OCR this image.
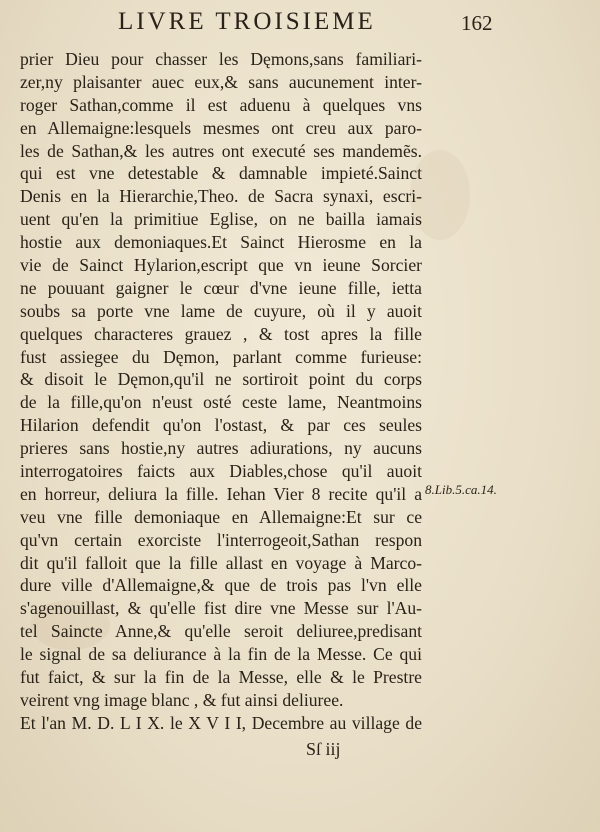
LIVRE TROISIEME	162
prier Dieu pour chasser les Dęmons,sans familiari-
zer,ny plaisanter auec eux,& sans aucunement inter-
roger Sathan,comme il est aduenu à quelques vns
en Allemaigne:lesquels mesmes ont creu aux paro-
les de Sathan,& les autres ont executé ses mandemẽs.
qui est vne detestable & damnable impieté.Sainct
Denis en la Hierarchie,Theo. de Sacra synaxi, escri-
uent qu'en la primitiue Eglise, on ne bailla iamais
hostie aux demoniaques.Et Sainct Hierosme en la
vie de Sainct Hylarion,escript que vn ieune Sorcier
ne pouuant gaigner le cœur d'vne ieune fille, ietta
soubs sa porte vne lame de cuyure, où il y auoit
quelques characteres grauez , & tost apres la fille
fust assiegee du Dęmon, parlant comme furieuse:
& disoit le Dęmon,qu'il ne sortiroit point du corps
de la fille,qu'on n'eust osté ceste lame, Neantmoins
Hilarion defendit qu'on l'ostast, & par ces seules
prieres sans hostie,ny autres adiurations, ny aucuns
interrogatoires faicts aux Diables,chose qu'il auoit
en horreur, deliura la fille. Iehan Vier 8 recite qu'il a
veu vne fille demoniaque en Allemaigne:Et sur ce
qu'vn certain exorciste l'interrogeoit,Sathan respon
dit qu'il falloit que la fille allast en voyage à Marco-
dure ville d'Allemaigne,& que de trois pas l'vn elle
s'agenouillast, & qu'elle fist dire vne Messe sur l'Au-
tel Saincte Anne,& qu'elle seroit deliuree,predisant
le signal de sa deliurance à la fin de la Messe. Ce qui
fut faict, & sur la fin de la Messe, elle & le Prestre
veirent vng image blanc , & fut ainsi deliuree.
Et l'an M. D. L I X. le X V I I, Decembre au village de
8.Lib.5.ca.14.
Sſ iij
